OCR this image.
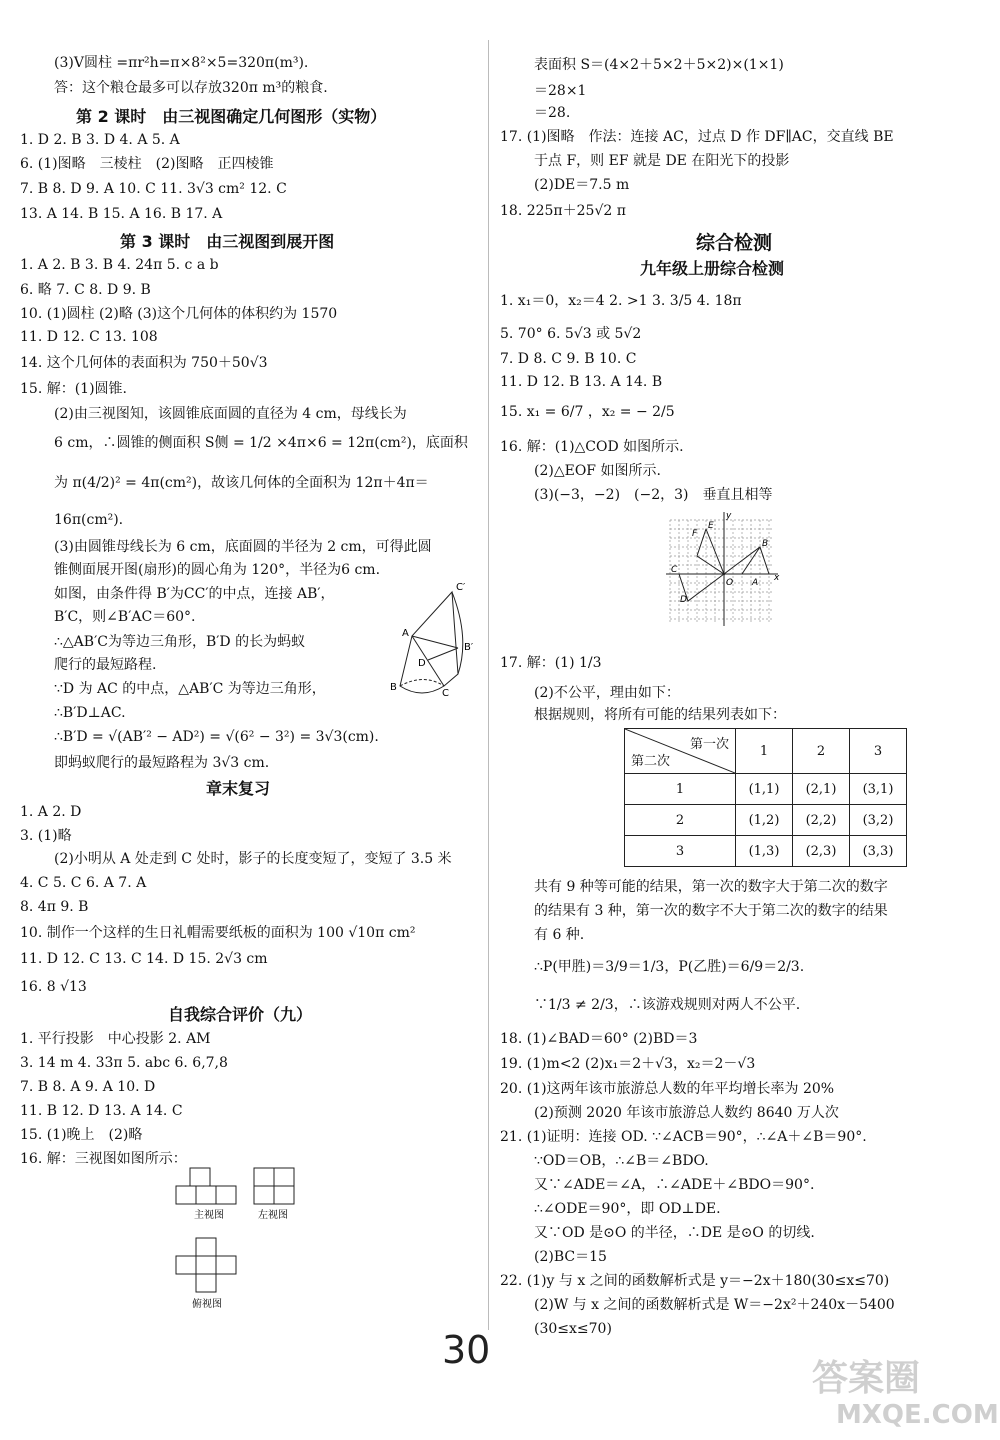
(3)V圆柱 =πr²h=π×8²×5=320π(m³).
答：这个粮仓最多可以存放320π m³的粮食.
第 2 课时　由三视图确定几何图形（实物）
1. D 2. B 3. D 4. A 5. A
6. (1)图略　三棱柱　(2)图略　正四棱锥
7. B 8. D 9. A 10. C 11. 3√3 cm² 12. C
13. A 14. B 15. A 16. B 17. A
第 3 课时　由三视图到展开图
1. A 2. B 3. B 4. 24π 5. c a b
6. 略 7. C 8. D 9. B
10. (1)圆柱 (2)略 (3)这个几何体的体积约为 1570
11. D 12. C 13. 108
14. 这个几何体的表面积为 750＋50√3
15. 解：(1)圆锥.
(2)由三视图知，该圆锥底面圆的直径为 4 cm，母线长为
6 cm，∴圆锥的侧面积 S侧 = 1/2 ×4π×6 = 12π(cm²)，底面积
为 π(4/2)² = 4π(cm²)，故该几何体的全面积为 12π＋4π＝
16π(cm²).
(3)由圆锥母线长为 6 cm，底面圆的半径为 2 cm，可得此圆
锥侧面展开图(扇形)的圆心角为 120°，半径为6 cm.
如图，由条件得 B′为CC′的中点，连接 AB′，
B′C，则∠B′AC＝60°.
∴△AB′C为等边三角形，B′D 的长为蚂蚁
爬行的最短路程.
∵D 为 AC 的中点，△AB′C 为等边三角形，
∴B′D⊥AC.
∴B′D = √(AB′² − AD²) = √(6² − 3²) = 3√3(cm).
即蚂蚁爬行的最短路程为 3√3 cm.
C′
A
B′
D
B
C
章末复习
1. A 2. D
3. (1)略
(2)小明从 A 处走到 C 处时，影子的长度变短了，变短了 3.5 米
4. C 5. C 6. A 7. A
8. 4π 9. B
10. 制作一个这样的生日礼帽需要纸板的面积为 100 √10π cm²
11. D 12. C 13. C 14. D 15. 2√3 cm
16. 8 √13
自我综合评价（九）
1. 平行投影　中心投影 2. AM
3. 14 m 4. 33π 5. abc 6. 6,7,8
7. B 8. A 9. A 10. D
11. B 12. D 13. A 14. C
15. (1)晚上　(2)略
16. 解：三视图如图所示：
主视图	左视图
俯视图
表面积 S＝(4×2＋5×2＋5×2)×(1×1)
＝28×1
＝28.
17. (1)图略　作法：连接 AC，过点 D 作 DF∥AC，交直线 BE
于点 F，则 EF 就是 DE 在阳光下的投影
(2)DE＝7.5 m
18. 225π＋25√2 π
综合检测
九年级上册综合检测
1. x₁＝0，x₂＝4 2. >1 3. 3/5 4. 18π
5. 70° 6. 5√3 或 5√2
7. D 8. C 9. B 10. C
11. D 12. B 13. A 14. B
15. x₁ = 6/7 ，x₂ = − 2/5
16. 解：(1)△COD 如图所示.
(2)△EOF 如图所示.
(3)(−3，−2)　(−2，3)　垂直且相等
y
x
F
E
B
C
O A
D
17. 解：(1) 1/3
(2)不公平，理由如下：
根据规则，将所有可能的结果列表如下：
第一次
第二次	1	2	3
1	(1,1)	(2,1)	(3,1)
2	(1,2)	(2,2)	(3,2)
3	(1,3)	(2,3)	(3,3)
共有 9 种等可能的结果，第一次的数字大于第二次的数字
的结果有 3 种，第一次的数字不大于第二次的数字的结果
有 6 种.
∴P(甲胜)＝3/9＝1/3，P(乙胜)＝6/9＝2/3.
∵1/3 ≠ 2/3，∴该游戏规则对两人不公平.
18. (1)∠BAD＝60° (2)BD＝3
19. (1)m<2 (2)x₁＝2＋√3，x₂＝2－√3
20. (1)这两年该市旅游总人数的年平均增长率为 20%
(2)预测 2020 年该市旅游总人数约 8640 万人次
21. (1)证明：连接 OD. ∵∠ACB＝90°，∴∠A＋∠B＝90°.
∵OD＝OB，∴∠B＝∠BDO.
又∵∠ADE＝∠A，∴∠ADE＋∠BDO＝90°.
∴∠ODE＝90°，即 OD⊥DE.
又∵OD 是⊙O 的半径，∴DE 是⊙O 的切线.
(2)BC＝15
22. (1)y 与 x 之间的函数解析式是 y＝−2x＋180(30≤x≤70)
(2)W 与 x 之间的函数解析式是 W＝−2x²＋240x－5400
(30≤x≤70)
30
答案圈
MXQE.COM
